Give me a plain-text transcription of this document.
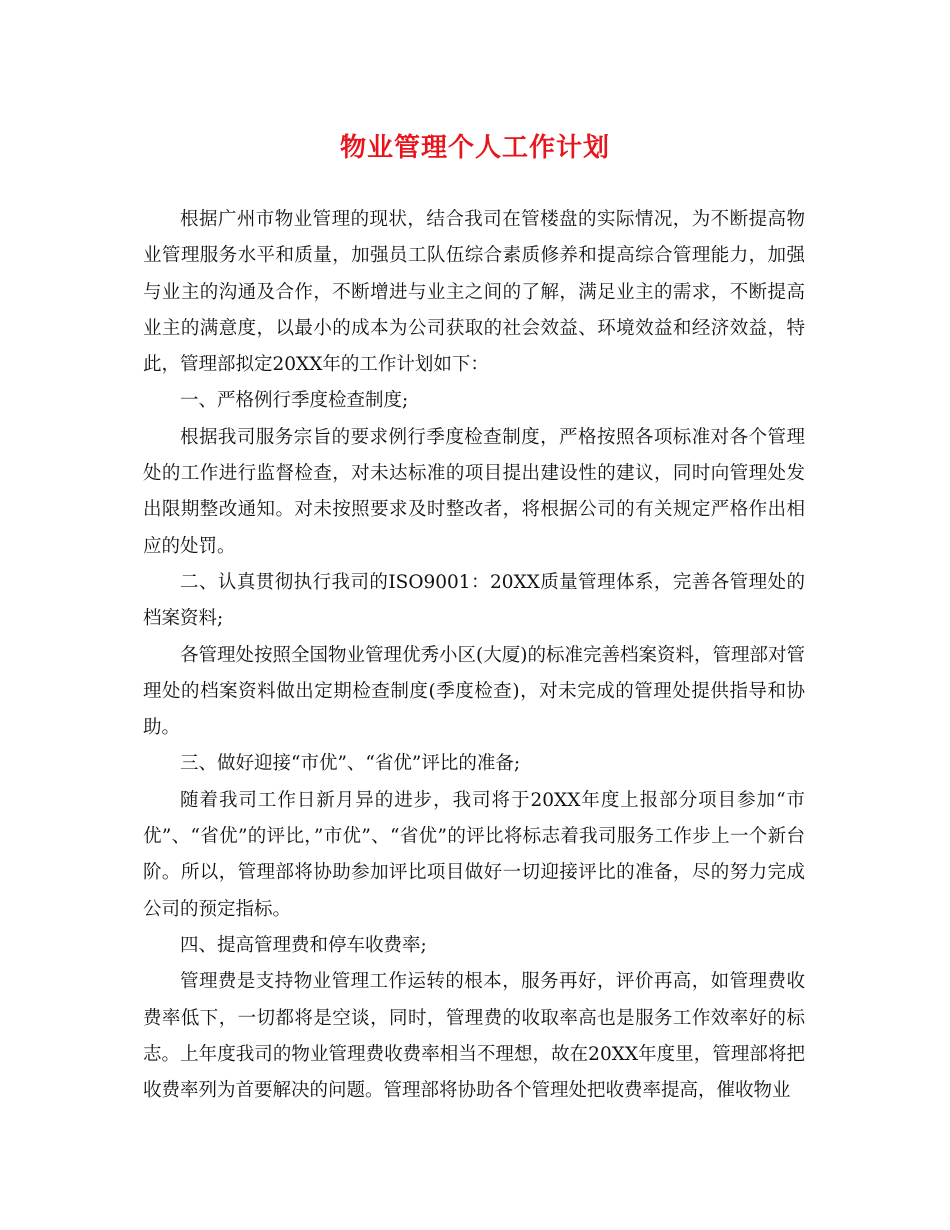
物业管理个人工作计划

根据广州市物业管理的现状，结合我司在管楼盘的实际情况，为不断提高物业管理服务水平和质量，加强员工队伍综合素质修养和提高综合管理能力，加强与业主的沟通及合作，不断增进与业主之间的了解，满足业主的需求，不断提高业主的满意度，以最小的成本为公司获取的社会效益、环境效益和经济效益，特此，管理部拟定20XX年的工作计划如下：

一、严格例行季度检查制度;

根据我司服务宗旨的要求例行季度检查制度，严格按照各项标准对各个管理处的工作进行监督检查，对未达标准的项目提出建设性的建议，同时向管理处发出限期整改通知。对未按照要求及时整改者，将根据公司的有关规定严格作出相应的处罚。

二、认真贯彻执行我司的ISO9001：20XX质量管理体系，完善各管理处的档案资料;

各管理处按照全国物业管理优秀小区(大厦)的标准完善档案资料，管理部对管理处的档案资料做出定期检查制度(季度检查)，对未完成的管理处提供指导和协助。

三、做好迎接“市优”、“省优”评比的准备;

随着我司工作日新月异的进步，我司将于20XX年度上报部分项目参加“市优”、“省优”的评比，”市优”、“省优”的评比将标志着我司服务工作步上一个新台阶。所以，管理部将协助参加评比项目做好一切迎接评比的准备，尽的努力完成公司的预定指标。

四、提高管理费和停车收费率;

管理费是支持物业管理工作运转的根本，服务再好，评价再高，如管理费收费率低下，一切都将是空谈，同时，管理费的收取率高也是服务工作效率好的标志。上年度我司的物业管理费收费率相当不理想，故在20XX年度里，管理部将把收费率列为首要解决的问题。管理部将协助各个管理处把收费率提高，催收物业
